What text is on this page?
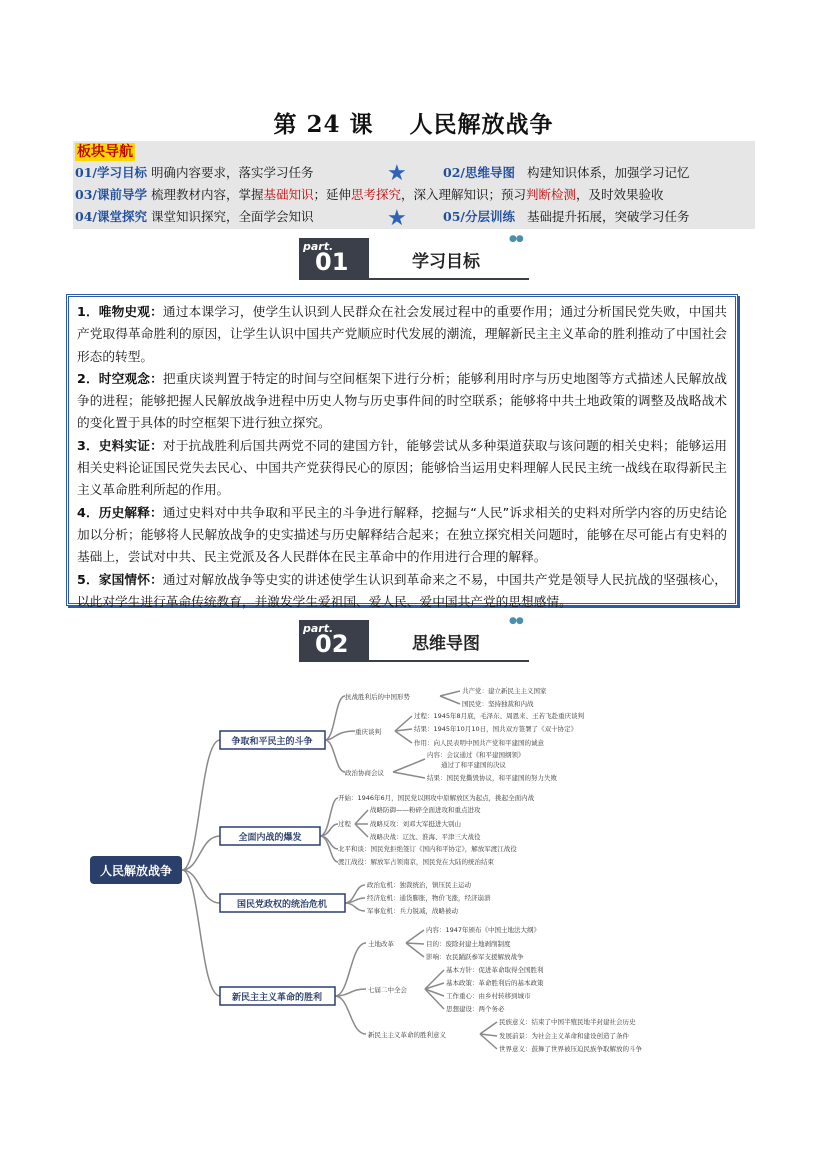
第 24 课 人民解放战争
板块导航
01/学习目标 明确内容要求，落实学习任务	02/思维导图 构建知识体系，加强学习记忆
★
03/课前导学 梳理教材内容，掌握基础知识；延伸思考探究，深入理解知识；预习判断检测，及时效果验收
04/课堂探究 课堂知识探究，全面学会知识	05/分层训练 基础提升拓展，突破学习任务
★
part.
01	学习目标
●●

1．唯物史观：通过本课学习，使学生认识到人民群众在社会发展过程中的重要作用；通过分析国民党失败，中国共产党取得革命胜利的原因，让学生认识中国共产党顺应时代发展的潮流，理解新民主主义革命的胜利推动了中国社会形态的转型。

2．时空观念：把重庆谈判置于特定的时间与空间框架下进行分析；能够利用时序与历史地图等方式描述人民解放战争的进程；能够把握人民解放战争进程中历史人物与历史事件间的时空联系；能够将中共土地政策的调整及战略战术的变化置于具体的时空框架下进行独立探究。

3．史料实证：对于抗战胜利后国共两党不同的建国方针，能够尝试从多种渠道获取与该问题的相关史料；能够运用相关史料论证国民党失去民心、中国共产党获得民心的原因；能够恰当运用史料理解人民民主统一战线在取得新民主主义革命胜利所起的作用。

4．历史解释：通过史料对中共争取和平民主的斗争进行解释，挖掘与“人民”诉求相关的史料对所学内容的历史结论加以分析；能够将人民解放战争的史实描述与历史解释结合起来；在独立探究相关问题时，能够在尽可能占有史料的基础上，尝试对中共、民主党派及各人民群体在民主革命中的作用进行合理的解释。

5．家国情怀：通过对解放战争等史实的讲述使学生认识到革命来之不易，中国共产党是领导人民抗战的坚强核心，以此对学生进行革命传统教育，并激发学生爱祖国、爱人民、爱中国共产党的思想感情。

part.
02	思维导图
●●
人民解放战争
争取和平民主的斗争
全面内战的爆发
国民党政权的统治危机
新民主主义革命的胜利
抗战胜利后的中国形势
共产党：建立新民主主义国家
国民党：坚持独裁和内战
重庆谈判
过程：1945年8月底，毛泽东、周恩来、王若飞赴重庆谈判
结果：1945年10月10日，国共双方签署了《双十协定》
作用：向人民表明中国共产党和平建国的诚意
政治协商会议
内容：会议通过《和平建国纲领》
通过了和平建国的决议
结果：国民党撕毁协议，和平建国的努力失败
开始：1946年6月，国民党以围攻中原解放区为起点，挑起全面内战
过程
战略防御——粉碎全面进攻和重点进攻
战略反攻：刘邓大军挺进大别山
战略决战：辽沈、淮海、平津三大战役
北平和谈：国民党拒绝签订《国内和平协定》，解放军渡江战役
渡江战役：解放军占领南京，国民党在大陆的统治结束
政治危机：独裁统治，镇压民主运动
经济危机：通货膨胀，物价飞涨，经济崩溃
军事危机：兵力锐减，战略被动
土地改革
内容：1947年颁布《中国土地法大纲》
目的：废除封建土地剥削制度
影响：农民踊跃参军支援解放战争
七届二中全会
基本方针：促进革命取得全国胜利
基本政策：革命胜利后的基本政策
工作重心：由乡村转移到城市
思想建设：两个务必
新民主主义革命的胜利意义
民族意义：结束了中国半殖民地半封建社会历史
发展前景：为社会主义革命和建设创造了条件
世界意义：鼓舞了世界被压迫民族争取解放的斗争
